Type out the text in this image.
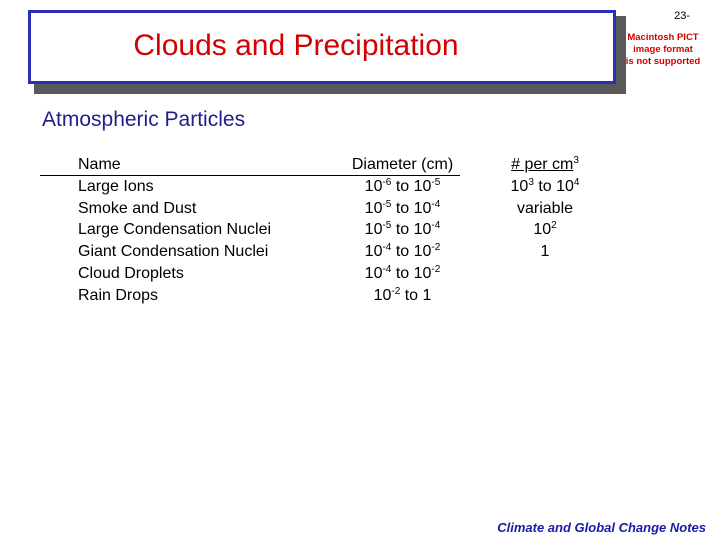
Clouds and Precipitation
23-
Macintosh PICT
image format
is not supported
Atmospheric Particles
Name
Large Ions
Smoke and Dust
Large Condensation Nuclei
Giant Condensation Nuclei
Cloud Droplets
Rain Drops
Diameter (cm)
$10^{-6}$ to $10^{-5}$
$10^{-5}$ to $10^{-4}$
$10^{-5}$ to $10^{-4}$
$10^{-4}$ to $10^{-2}$
$10^{-4}$ to $10^{-2}$
$10^{-2}$ to 1
# per $cm^3$
$10^3$ to $10^4$
variable
$10^2$
1
Climate and Global Change Notes
